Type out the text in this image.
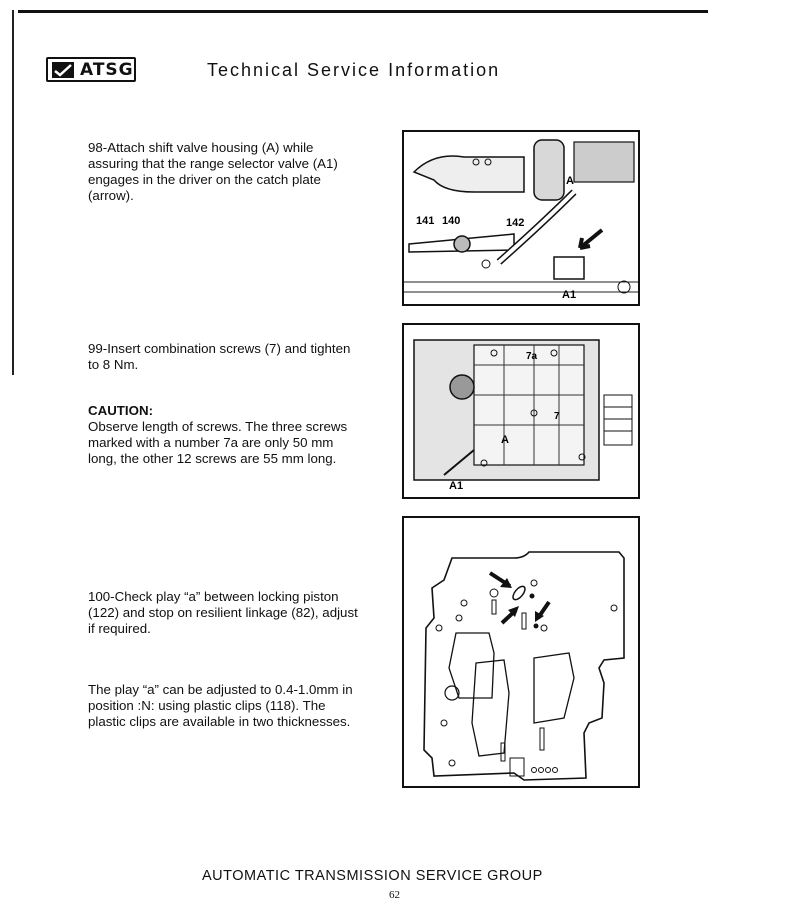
ATSG	Technical Service Information
98-Attach shift valve housing (A) while assuring that the range selector valve (A1) engages in the driver on the catch plate (arrow).
99-Insert combination screws (7) and tighten to 8 Nm.
CAUTION:
Observe length of screws. The three screws marked with a number 7a are only 50 mm long, the other 12 screws are 55 mm long.
100-Check play “a” between locking piston (122) and stop on resilient linkage (82), adjust if required.
The play “a” can be adjusted to 0.4-1.0mm in position :N: using plastic clips (118). The plastic clips are available in two thicknesses.
141 140	142
A
A1
7a
7
A
A1
AUTOMATIC TRANSMISSION SERVICE GROUP
62
